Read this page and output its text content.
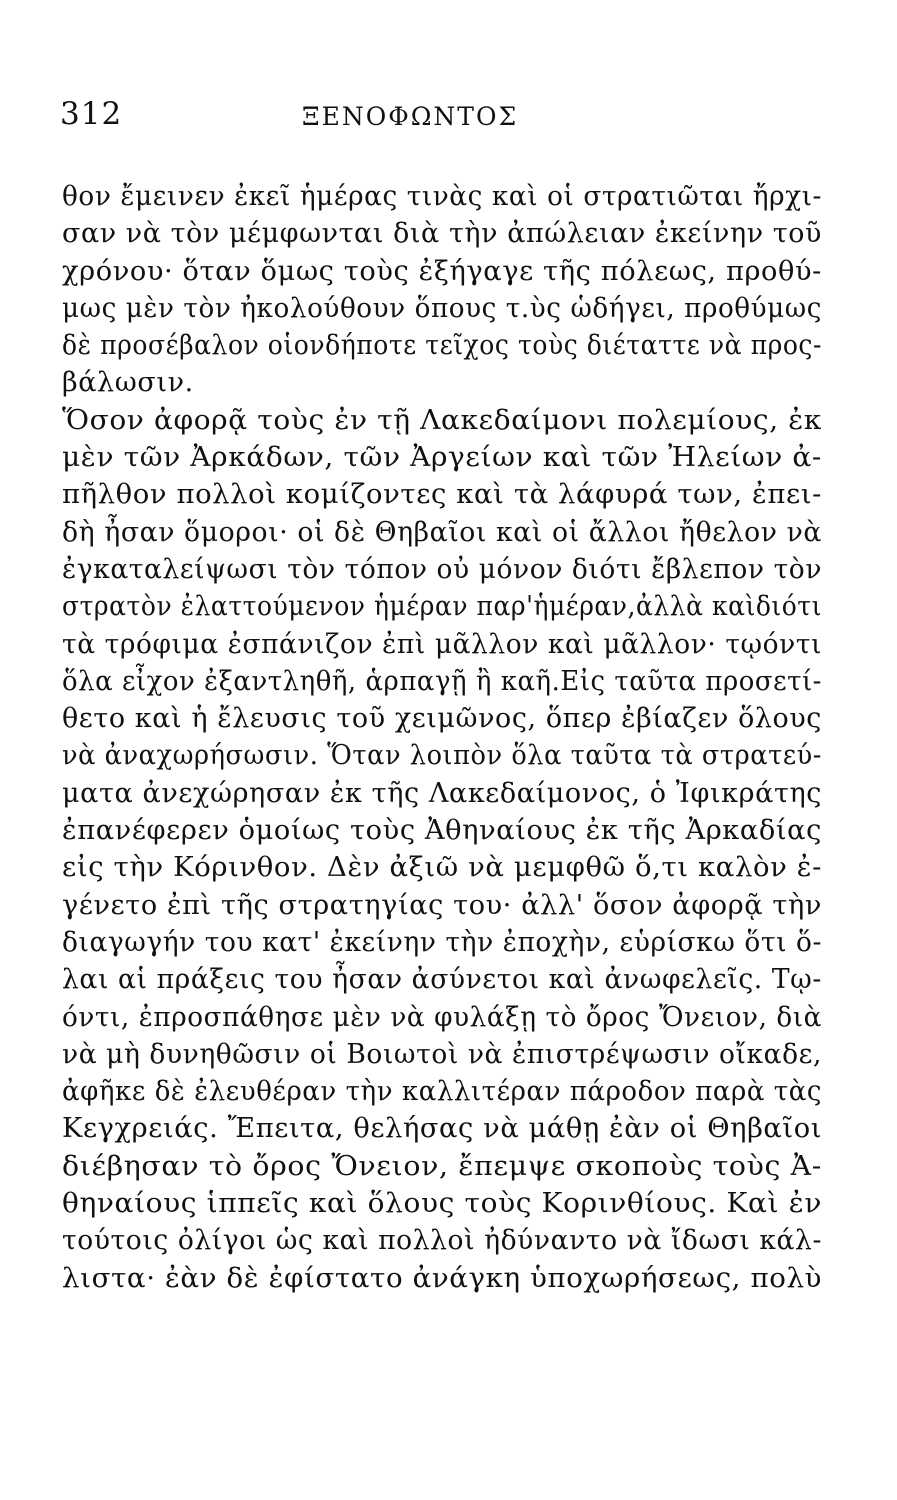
312	ΞΕΝΟΦΩΝΤΟΣ
θον ἔμεινεν ἐκεῖ ἡμέρας τινὰς καὶ οἱ στρατιῶται ἤρχι-
σαν νὰ τὸν μέμφωνται διὰ τὴν ἀπώλειαν ἐκείνην τοῦ
χρόνου· ὅταν ὅμως τοὺς ἐξήγαγε τῆς πόλεως, προθύ-
μως μὲν τὸν ἠκολούθουν ὅπους τ.ὺς ὡδήγει, προθύμως
δὲ προσέβαλον οἱονδήποτε τεῖχος τοὺς διέταττε νὰ προς-
βάλωσιν.
Ὅσον ἀφορᾷ τοὺς ἐν τῇ Λακεδαίμονι πολεμίους, ἐκ
μὲν τῶν Ἀρκάδων, τῶν Ἀργείων καὶ τῶν Ἠλείων ἀ-
πῆλθον πολλοὶ κομίζοντες καὶ τὰ λάφυρά των, ἐπει-
δὴ ἦσαν ὅμοροι· οἱ δὲ Θηβαῖοι καὶ οἱ ἄλλοι ἤθελον νὰ
ἐγκαταλείψωσι τὸν τόπον οὐ μόνον διότι ἔβλεπον τὸν
στρατὸν ἐλαττούμενον ἡμέραν παρ'ἡμέραν,ἀλλὰ καὶδιότι
τὰ τρόφιμα ἐσπάνιζον ἐπὶ μᾶλλον καὶ μᾶλλον· τῳόντι
ὅλα εἶχον ἐξαντληθῆ, ἁρπαγῇ ἢ καῆ.Εἰς ταῦτα προσετί-
θετο καὶ ἡ ἔλευσις τοῦ χειμῶνος, ὅπερ ἐβίαζεν ὅλους
νὰ ἀναχωρήσωσιν. Ὅταν λοιπὸν ὅλα ταῦτα τὰ στρατεύ-
ματα ἀνεχώρησαν ἐκ τῆς Λακεδαίμονος, ὁ Ἰφικράτης
ἐπανέφερεν ὁμοίως τοὺς Ἀθηναίους ἐκ τῆς Ἀρκαδίας
εἰς τὴν Κόρινθον. Δὲν ἀξιῶ νὰ μεμφθῶ ὅ,τι καλὸν ἐ-
γένετο ἐπὶ τῆς στρατηγίας του· ἀλλ' ὅσον ἀφορᾷ τὴν
διαγωγήν του κατ' ἐκείνην τὴν ἐποχὴν, εὑρίσκω ὅτι ὅ-
λαι αἱ πράξεις του ἦσαν ἀσύνετοι καὶ ἀνωφελεῖς. Τῳ-
όντι, ἐπροσπάθησε μὲν νὰ φυλάξῃ τὸ ὄρος Ὄνειον, διὰ
νὰ μὴ δυνηθῶσιν οἱ Βοιωτοὶ νὰ ἐπιστρέψωσιν οἴκαδε,
ἀφῆκε δὲ ἐλευθέραν τὴν καλλιτέραν πάροδον παρὰ τὰς
Κεγχρειάς. Ἔπειτα, θελήσας νὰ μάθῃ ἐὰν οἱ Θηβαῖοι
διέβησαν τὸ ὄρος Ὄνειον, ἔπεμψε σκοποὺς τοὺς Ἀ-
θηναίους ἱππεῖς καὶ ὅλους τοὺς Κορινθίους. Καὶ ἐν
τούτοις ὀλίγοι ὡς καὶ πολλοὶ ἠδύναντο νὰ ἴδωσι κάλ-
λιστα· ἐὰν δὲ ἐφίστατο ἀνάγκη ὑποχωρήσεως, πολὺ
